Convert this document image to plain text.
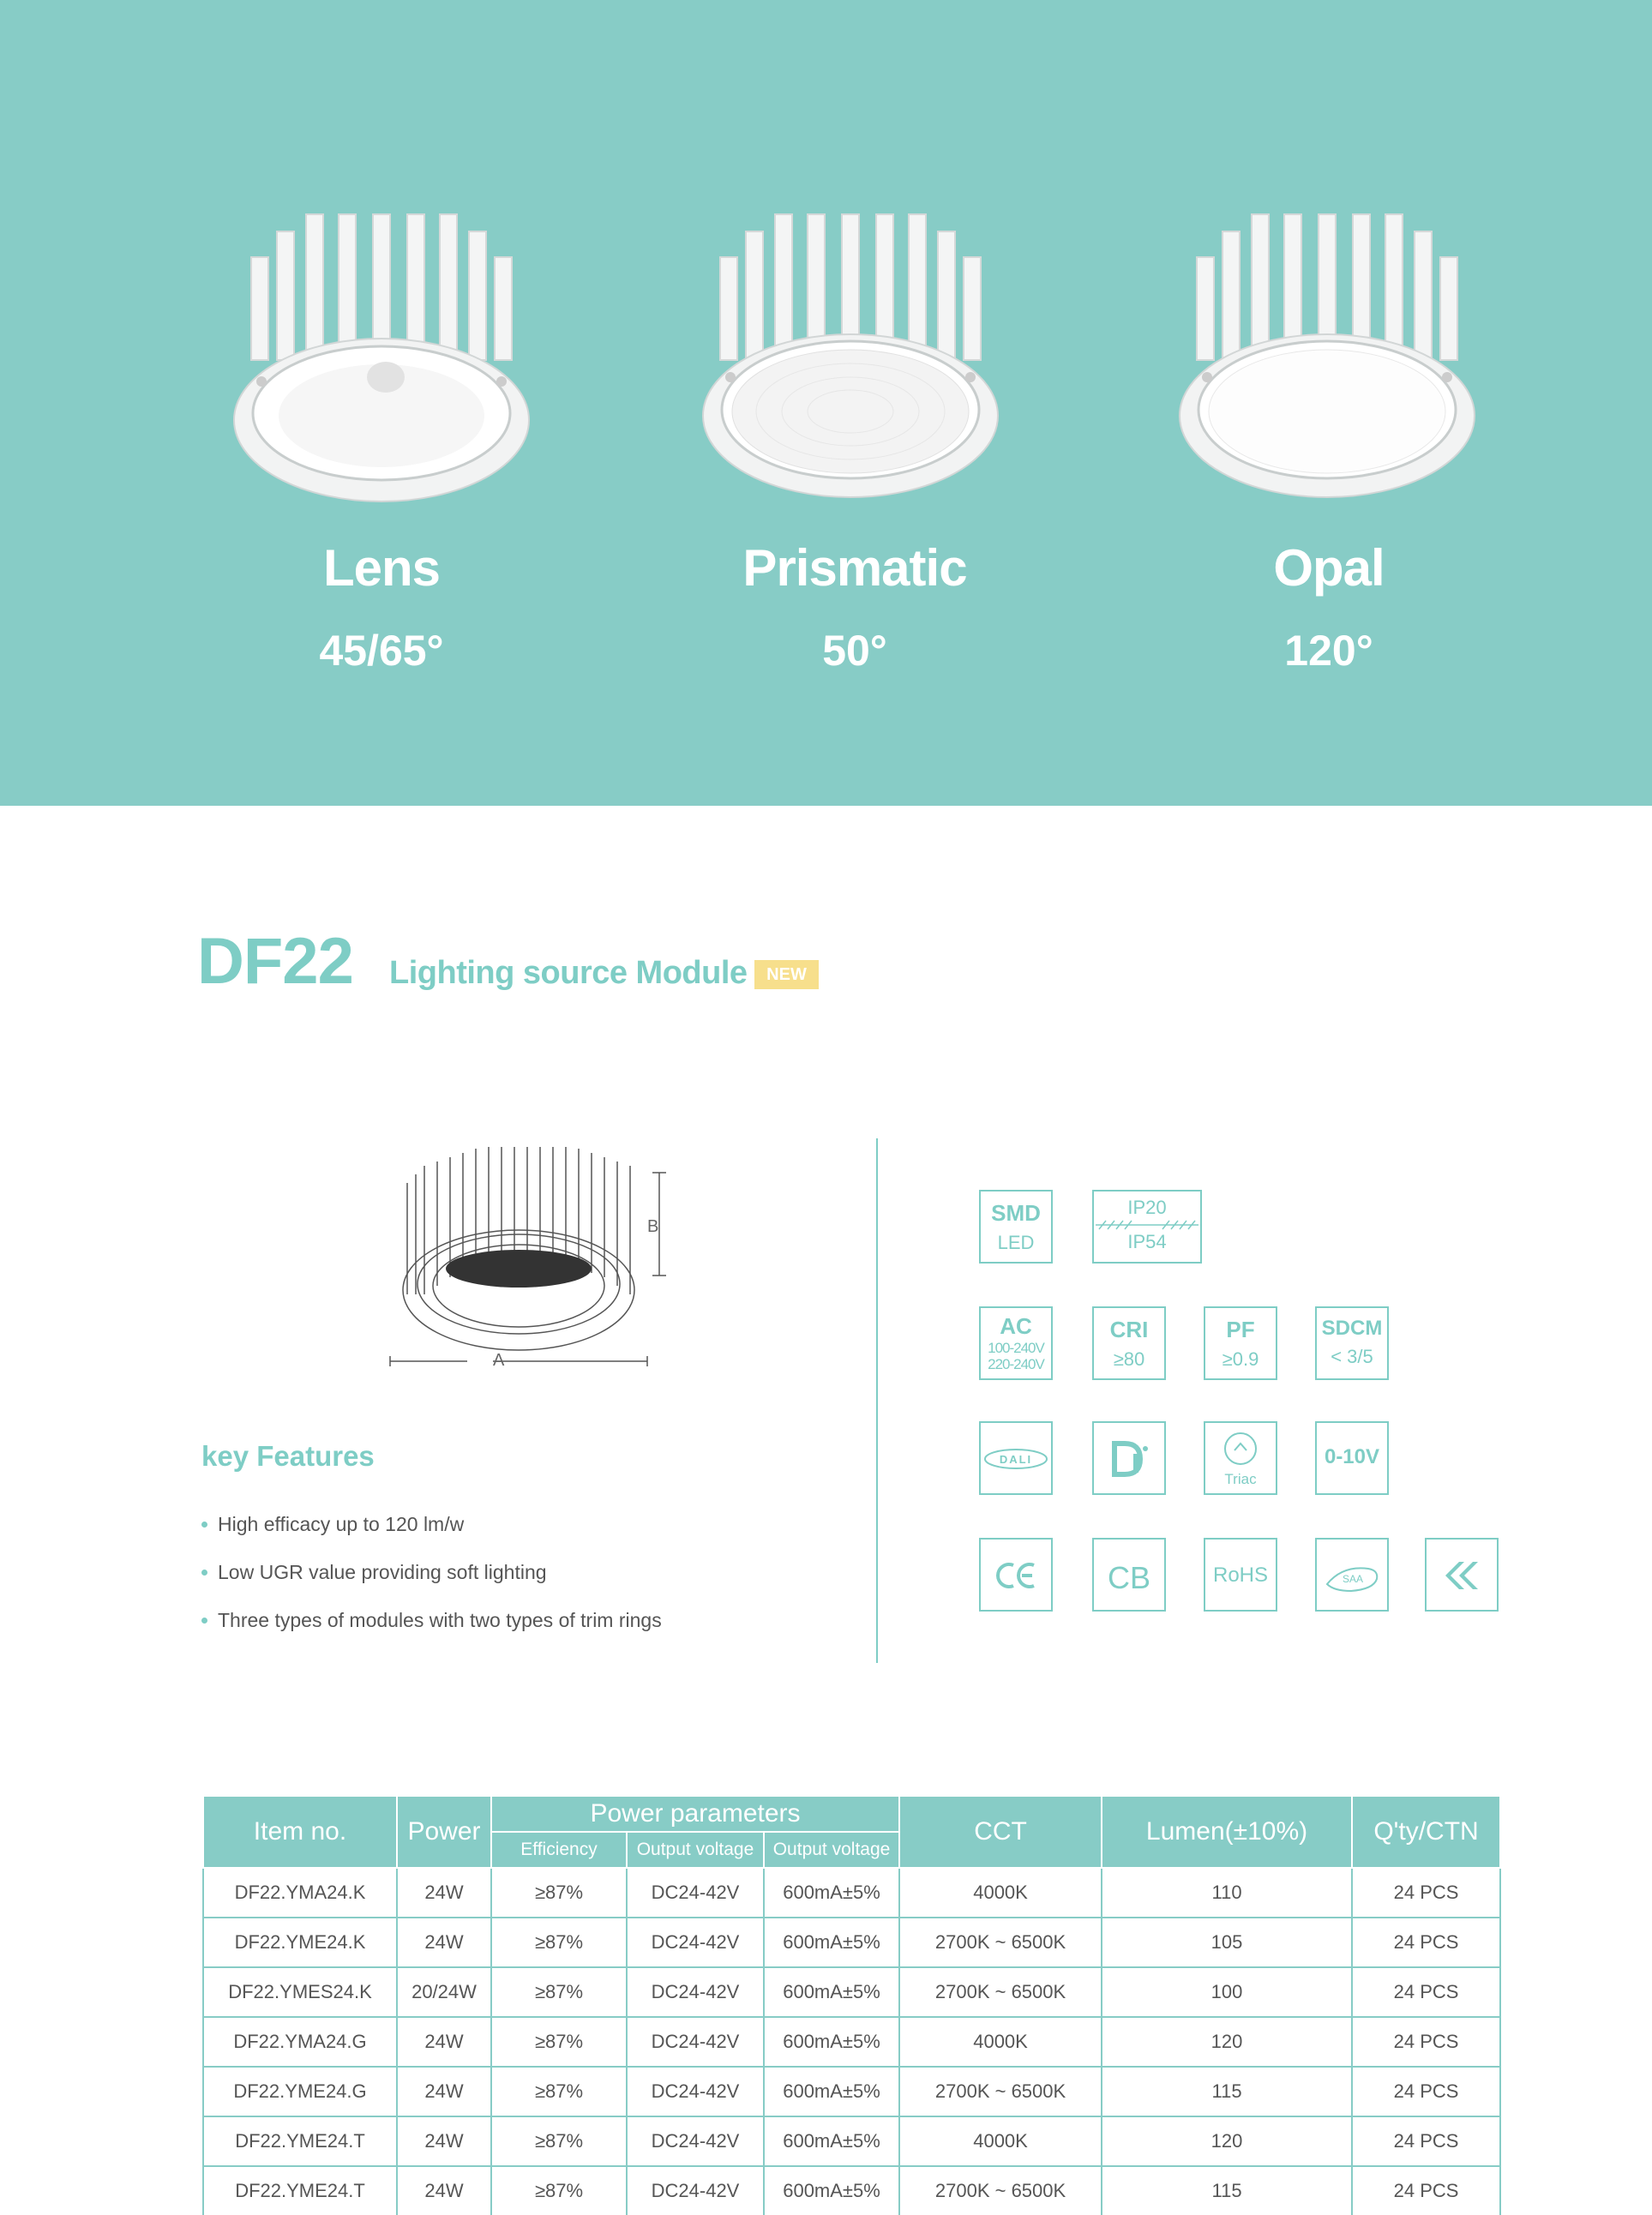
Lens
45/65°
Prismatic
50°
Opal
120°
DF22 Lighting source Module	NEW
B
A
key Features
High efficacy up to 120 lm/w
Low UGR value providing soft lighting
Three types of modules with two types of trim rings
SMD
LED
IP20
IP54
AC
100-240V
220-240V
CRI
≥80
PF
≥0.9
SDCM
< 3/5
DALI
Triac
0-10V
CB	RoHS	SAA
Item no.	Power	Power parameters			CCT	Lumen(±10%)	Q'ty/CTN
		Efficiency	Output voltage	Output voltage			
DF22.YMA24.K	24W	≥87%	DC24-42V	600mA±5%	4000K	110	24 PCS
DF22.YME24.K	24W	≥87%	DC24-42V	600mA±5%	2700K ~ 6500K	105	24 PCS
DF22.YMES24.K	20/24W	≥87%	DC24-42V	600mA±5%	2700K ~ 6500K	100	24 PCS
DF22.YMA24.G	24W	≥87%	DC24-42V	600mA±5%	4000K	120	24 PCS
DF22.YME24.G	24W	≥87%	DC24-42V	600mA±5%	2700K ~ 6500K	115	24 PCS
DF22.YME24.T	24W	≥87%	DC24-42V	600mA±5%	4000K	120	24 PCS
DF22.YME24.T	24W	≥87%	DC24-42V	600mA±5%	2700K ~ 6500K	115	24 PCS
